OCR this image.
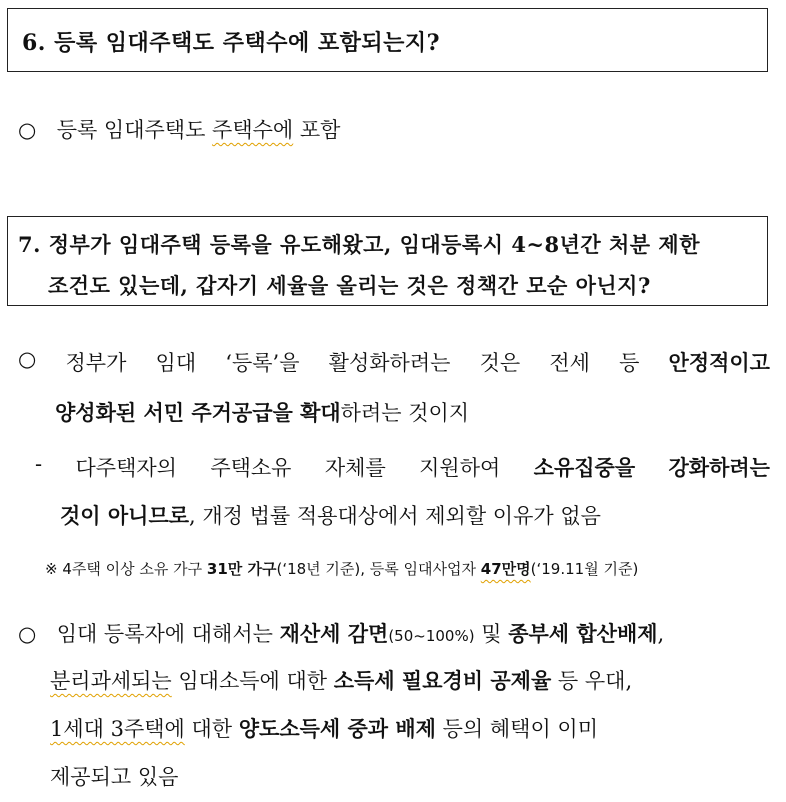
6. 등록 임대주택도 주택수에 포함되는지?
○ 등록 임대주택도 주택수에 포함
7. 정부가 임대주택 등록을 유도해왔고, 임대등록시 4~8년간 처분 제한
조건도 있는데, 갑자기 세율을 올리는 것은 정책간 모순 아닌지?
○ 정부가 임대 ‘등록’을 활성화하려는 것은 전세 등 안정적이고
양성화된 서민 주거공급을 확대하려는 것이지
- 다주택자의 주택소유 자체를 지원하여 소유집중을 강화하려는
것이 아니므로, 개정 법률 적용대상에서 제외할 이유가 없음
※ 4주택 이상 소유 가구 31만 가구(‘18년 기준), 등록 임대사업자 47만명(‘19.11월 기준)
○ 임대 등록자에 대해서는 재산세 감면(50~100%) 및 종부세 합산배제,
분리과세되는 임대소득에 대한 소득세 필요경비 공제율 등 우대,
1세대 3주택에 대한 양도소득세 중과 배제 등의 혜택이 이미
제공되고 있음
